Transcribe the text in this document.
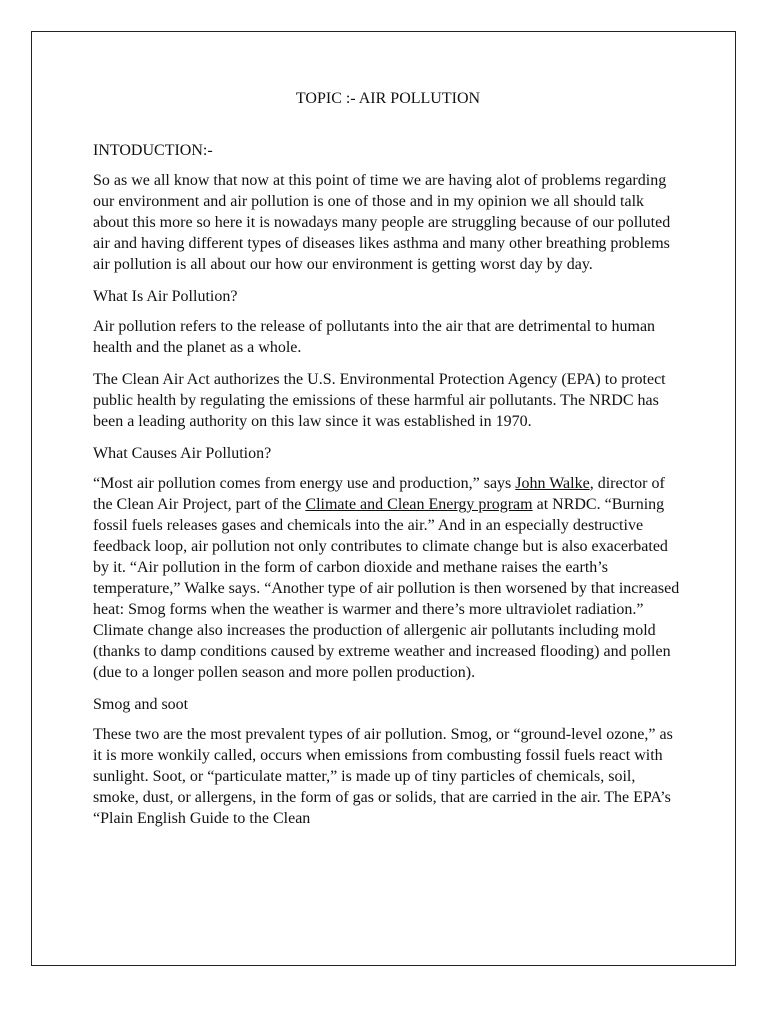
TOPIC :- AIR POLLUTION
INTODUCTION:-

So as we all know that now at this point of time we are having alot of problems regarding our environment and air pollution is one of those and in my opinion we all should talk about this more so here it is nowadays many people are struggling because of our polluted air and having different types of diseases likes asthma and many other breathing problems air pollution is all about our how our environment is getting worst day by day.

What Is Air Pollution?

Air pollution refers to the release of pollutants into the air that are detrimental to human health and the planet as a whole.

The Clean Air Act authorizes the U.S. Environmental Protection Agency (EPA) to protect public health by regulating the emissions of these harmful air pollutants. The NRDC has been a leading authority on this law since it was established in 1970.

What Causes Air Pollution?

“Most air pollution comes from energy use and production,” says John Walke, director of the Clean Air Project, part of the Climate and Clean Energy program at NRDC. “Burning fossil fuels releases gases and chemicals into the air.” And in an especially destructive feedback loop, air pollution not only contributes to climate change but is also exacerbated by it. “Air pollution in the form of carbon dioxide and methane raises the earth’s temperature,” Walke says. “Another type of air pollution is then worsened by that increased heat: Smog forms when the weather is warmer and there’s more ultraviolet radiation.” Climate change also increases the production of allergenic air pollutants including mold (thanks to damp conditions caused by extreme weather and increased flooding) and pollen (due to a longer pollen season and more pollen production).

Smog and soot

These two are the most prevalent types of air pollution. Smog, or “ground-level ozone,” as it is more wonkily called, occurs when emissions from combusting fossil fuels react with sunlight. Soot, or “particulate matter,” is made up of tiny particles of chemicals, soil, smoke, dust, or allergens, in the form of gas or solids, that are carried in the air. The EPA’s “Plain English Guide to the Clean
